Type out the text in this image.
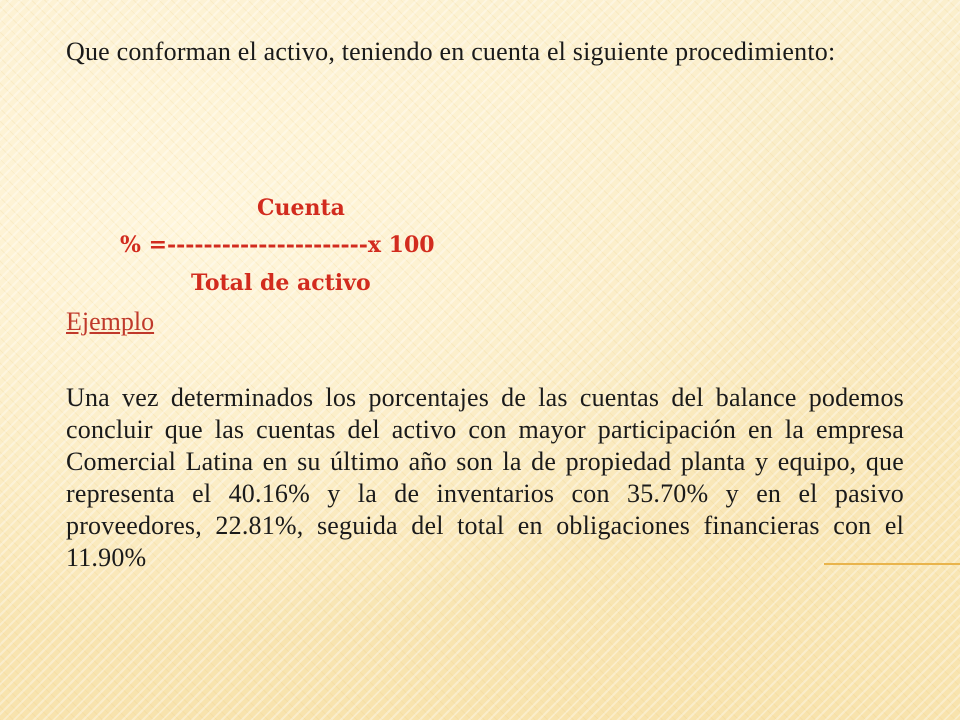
Que conforman el activo, teniendo en cuenta el siguiente procedimiento:
Cuenta
% =----------------------x 100
Total de activo
Ejemplo
Una vez determinados los porcentajes de las cuentas del balance podemos concluir que las cuentas del activo con mayor participación en la empresa Comercial Latina en su último año son la de propiedad planta y equipo, que representa el 40.16% y la de inventarios con 35.70% y en el pasivo proveedores, 22.81%, seguida del total en obligaciones financieras con el 11.90%
